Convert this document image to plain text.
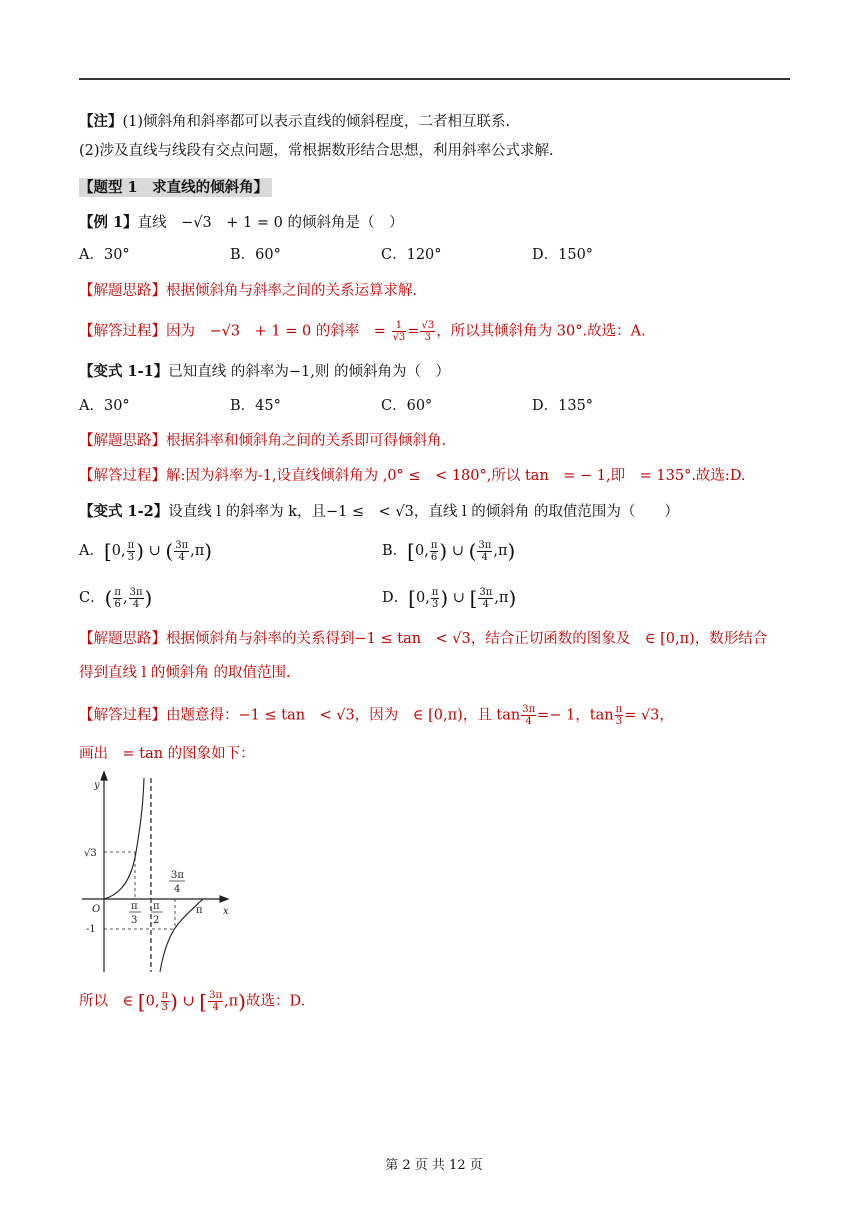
【注】(1)倾斜角和斜率都可以表示直线的倾斜程度，二者相互联系.
(2)涉及直线与线段有交点问题，常根据数形结合思想，利用斜率公式求解.
【题型 1　求直线的倾斜角】
【例 1】直线　−√3　+ 1 = 0 的倾斜角是（　）
A．30°	B．60°	C．120°	D．150°
【解题思路】根据倾斜角与斜率之间的关系运算求解.
【解答过程】因为　−√3　+ 1 = 0 的斜率　= $\frac{1}{√3} = \frac{√3}{3}$ ，所以其倾斜角为 30°.故选：A.
【变式 1-1】已知直线 的斜率为−1,则 的倾斜角为（　）
A．30°	B．45°	C．60°	D．135°
【解题思路】根据斜率和倾斜角之间的关系即可得倾斜角.
【解答过程】解:因为斜率为-1,设直线倾斜角为 ,0° ≤　< 180°,所以 tan　= − 1,即　= 135°.故选:D.
【变式 1-2】设直线 l 的斜率为 k，且−1 ≤　< √3，直线 l 的倾斜角 的取值范围为（　　）
A．[0, $\frac{\pi}{3}$ ) ∪ ( $\frac{3\pi}{4} ,\pi$)	B．[0, $\frac{\pi}{6}$ ) ∪ ( $\frac{3\pi}{4} ,\pi$)
C．( $\frac{\pi}{6}$ , $\frac{3\pi}{4}$ )	D．[0, $\frac{\pi}{3}$ ) ∪ [ $\frac{3\pi}{4} ,\pi$)
【解题思路】根据倾斜角与斜率的关系得到−1 ≤ tan　< √3，结合正切函数的图象及　∈ [0,π)，数形结合
得到直线 l 的倾斜角 的取值范围.
【解答过程】由题意得：−1 ≤ tan　< √3，因为　∈ [0,π)，且 $\tan \frac{3\pi}{4} =- 1$，$\tan \frac{\pi}{3} = √3$，
画出　= tan 的图象如下：
y
x
O
√3
-1
π
3
π
2
3π
4
π
所以　∈ [0, $\frac{\pi}{3}$ ) ∪ [ $\frac{3\pi}{4} ,\pi$)故选：D.
第 2 页 共 12 页
